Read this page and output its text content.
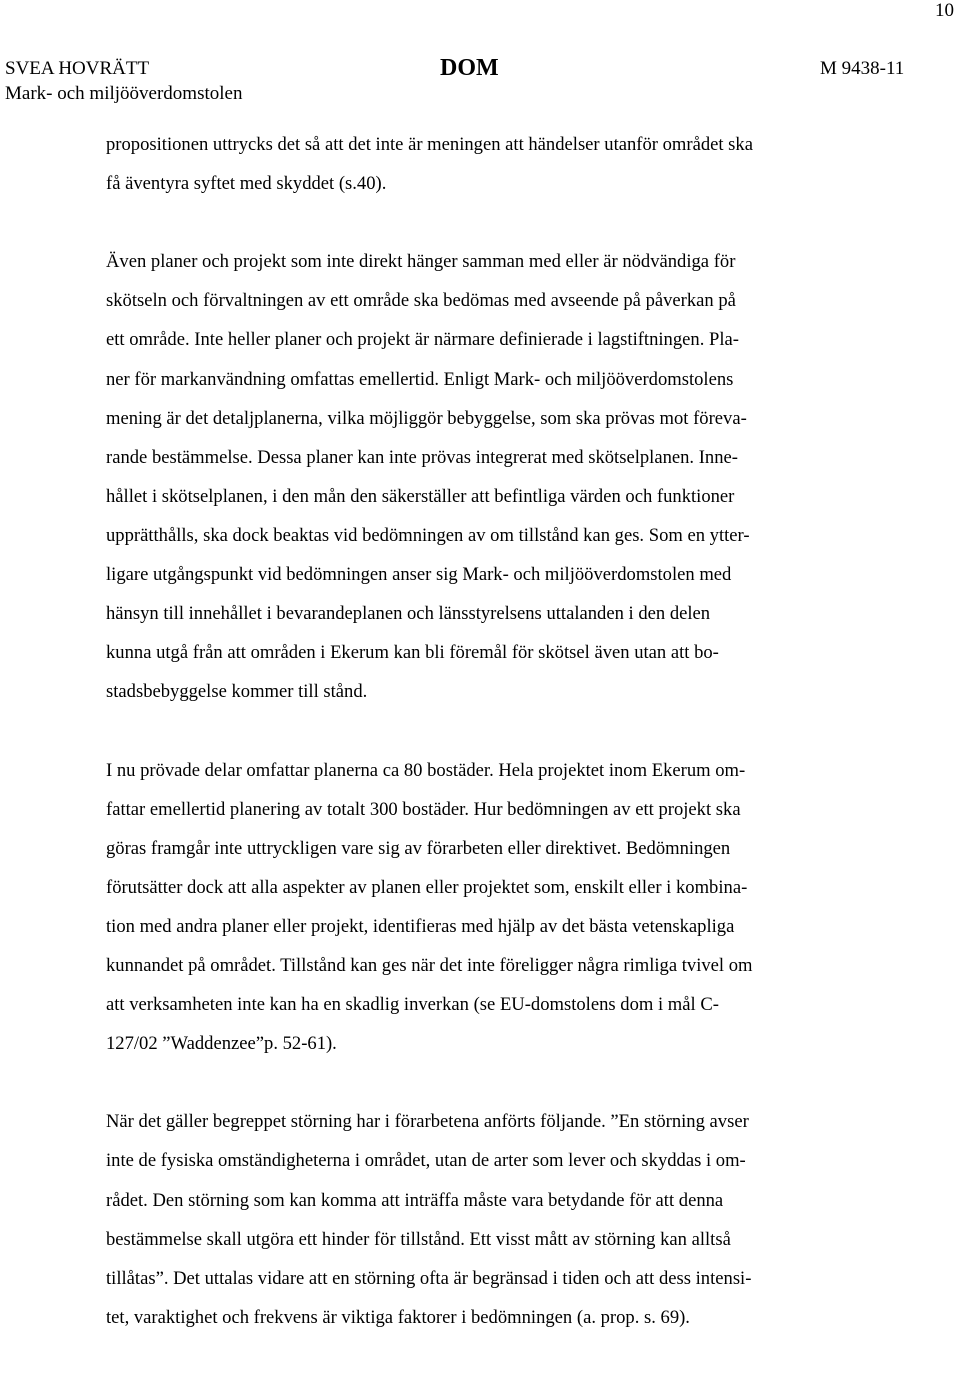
10
SVEA HOVRÄTT
Mark- och miljööverdomstolen
DOM	M 9438-11

propositionen uttrycks det så att det inte är meningen att händelser utanför området ska
få äventyra syftet med skyddet (s.40).

Även planer och projekt som inte direkt hänger samman med eller är nödvändiga för
skötseln och förvaltningen av ett område ska bedömas med avseende på påverkan på
ett område. Inte heller planer och projekt är närmare definierade i lagstiftningen. Pla-
ner för markanvändning omfattas emellertid. Enligt Mark- och miljööverdomstolens
mening är det detaljplanerna, vilka möjliggör bebyggelse, som ska prövas mot föreva-
rande bestämmelse. Dessa planer kan inte prövas integrerat med skötselplanen. Inne-
hållet i skötselplanen, i den mån den säkerställer att befintliga värden och funktioner
upprätthålls, ska dock beaktas vid bedömningen av om tillstånd kan ges. Som en ytter-
ligare utgångspunkt vid bedömningen anser sig Mark- och miljööverdomstolen med
hänsyn till innehållet i bevarandeplanen och länsstyrelsens uttalanden i den delen
kunna utgå från att områden i Ekerum kan bli föremål för skötsel även utan att bo-
stadsbebyggelse kommer till stånd.

I nu prövade delar omfattar planerna ca 80 bostäder. Hela projektet inom Ekerum om-
fattar emellertid planering av totalt 300 bostäder. Hur bedömningen av ett projekt ska
göras framgår inte uttryckligen vare sig av förarbeten eller direktivet. Bedömningen
förutsätter dock att alla aspekter av planen eller projektet som, enskilt eller i kombina-
tion med andra planer eller projekt, identifieras med hjälp av det bästa vetenskapliga
kunnandet på området. Tillstånd kan ges när det inte föreligger några rimliga tvivel om
att verksamheten inte kan ha en skadlig inverkan (se EU-domstolens dom i mål C-
127/02 ”Waddenzee”p. 52-61).

När det gäller begreppet störning har i förarbetena anförts följande. ”En störning avser
inte de fysiska omständigheterna i området, utan de arter som lever och skyddas i om-
rådet. Den störning som kan komma att inträffa måste vara betydande för att denna
bestämmelse skall utgöra ett hinder för tillstånd. Ett visst mått av störning kan alltså
tillåtas”. Det uttalas vidare att en störning ofta är begränsad i tiden och att dess intensi-
tet, varaktighet och frekvens är viktiga faktorer i bedömningen (a. prop. s. 69).
